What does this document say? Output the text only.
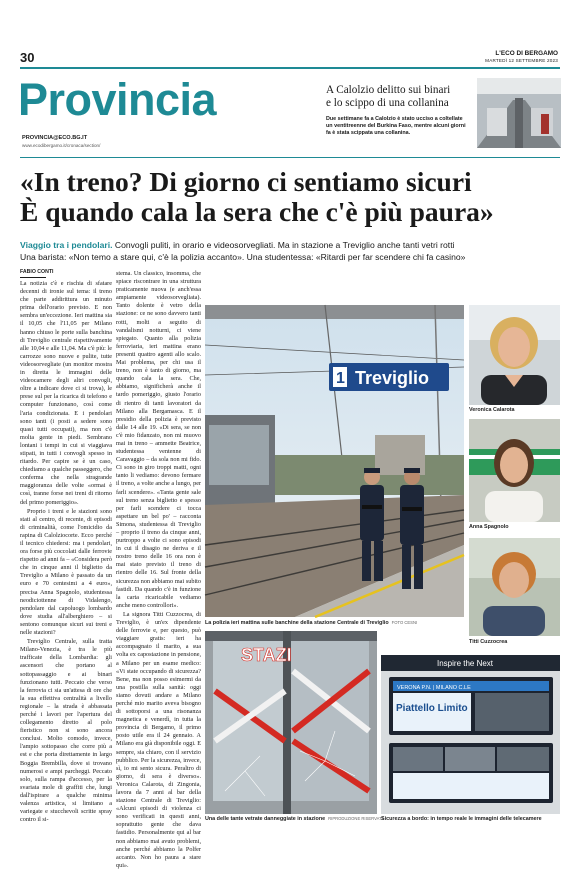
30	L'ECO DI BERGAMO
MARTEDÌ 12 SETTEMBRE 2023
Provincia
PROVINCIA@ECO.BG.IT
www.ecodibergamo.it/cronaca/section/
A Calolzio delitto sui binari
e lo scippo di una collanina
Due settimane fa a Calolzio è stato ucciso a coltellate un ventitreenne del Burkina Faso, mentre alcuni giorni fa è stata scippata una collanina.
«In treno? Di giorno ci sentiamo sicuri
È quando cala la sera che c'è più paura»
Viaggio tra i pendolari. Convogli puliti, in orario e videosorvegliati. Ma in stazione a Treviglio anche tanti vetri rotti
Una barista: «Non temo a stare qui, c'è la polizia accanto». Una studentessa: «Ritardi per far scendere chi fa casino»
FABIO CONTI

La notizia c'è e rischia di sfatare decenni di ironie sul tema: il treno che parte addirittura un minuto prima dell'orario previsto. E non sembra un'eccezione. Ieri mattina sia il 10,05 che l'11,05 per Milano hanno chiuso le porte sulla banchina di Treviglio centrale rispettivamente alle 10,04 e alle 11,04. Ma c'è più: le carrozze sono nuove e pulite, tutte videosorvegliate (un monitor mostra in diretta le immagini delle videocamere degli altri convogli, oltre a indicare dove ci si trova), le prese sul per la ricarica di telefono e computer funzionano, così come l'aria condizionata. E i pendolari sono tanti (i posti a sedere sono quasi tutti occupati), ma non c'è molta gente in piedi. Sembrano lontani i tempi in cui si viaggiava stipati, in tutti i convogli spesso in ritardo. Per capire se è un caso, chiediamo a qualche passeggero, che conferma che nella stragrande maggioranza delle volte «ormai è così, tranne forse nei treni di ritorno del primo pomeriggio».

Proprio i treni e le stazioni sono stati al centro, di recente, di episodi di criminalità, come l'omicidio da rapina di Calolziocorte. Ecco perché il tecnico chiedersi: ma i pendolari, ora forse più coccolati dalle ferrovie rispetto ad anni fa – «Considera però che in cinque anni il biglietto da Treviglio a Milano è passato da un euro e 70 centesimi a 4 euro», precisa Anna Spagnolo, studentessa neodiciottenne di Vidalengo, pendolare dal capoluogo lombardo dove studia all'alberghiero – si sentono comunque sicuri sui treni e nelle stazioni?

Treviglio Centrale, sulla tratta Milano-Venezia, è tra le più trafficate della Lombardia: gli ascensori che portano al sottopassaggio e ai binari funzionano tutti. Peccato che verso la ferrovia ci sia un'attesa di ore che la sua effettiva centralità a livello regionale – la strada è abbassata perché i lavori per l'apertura del collegamento diretto al polo fieristico non si sono ancora conclusi. Molto comodo, invece, l'ampio sottopasso che corre più a est e che porta direttamente in largo Boggia Brembilla, dove si trovano numerosi e ampi parcheggi. Peccato solo, sulla rampa d'accesso, per la svariata mole di graffiti che, lungi dall'ispirare a qualche minima valenza artistica, si limitano a variegate e stucchevoli scritte spray contro il si-

stema. Un classico, insomma, che spiace riscontrare in una struttura praticamente nuova (e anch'essa ampiamente videosorvegliata). Tanto dolente è vetro della stazione: ce ne sono davvero tanti rotti, molti a seguito di vandalismi notturni, ci viene spiegato. Quanto alla polizia ferroviaria, ieri mattina erano presenti quattro agenti allo scalo. Mai problema, per chi usa il treno, non è tanto di giorno, ma quando cala la sera. Che, abbiamo, significherà anche il tardo pomeriggio, giusto l'orario di rientro di tanti lavoratori da Milano alla Bergamasca. E il presidio della polizia è previsto dalle 14 alle 19. «Di sera, se non c'è mio fidanzato, non mi muovo mai in treno – ammette Beatrice, studentessa ventenne di Caravaggio – da sola non mi fido. Ci sono in giro troppi matti, ogni tanto li vediamo: devono fermare il treno, a volte anche a lungo, per farli scendere». «Tanta gente sale sul treno senza biglietto e spesso per farli scendere ci tocca aspettare un bel po' – racconta Simona, studentessa di Treviglio – proprio il treno da cinque anni, purtroppo a volte ci sono episodi in cui il disagio ne deriva e il nostro treno delle 16 ora non è mai stato previsto il treno di rientro delle 16. Sul fronte della sicurezza non abbiamo mai subito fastidi. Da quando c'è in funzione la carta ricaricabile vediamo anche meno controllori».

La signora Titti Cuzzocrea, di Treviglio, è un'ex dipendente delle ferrovie e, per questo, può viaggiare gratis: ieri ha accompagnato il marito, a sua volta ex capostazione in pensione, a Milano per un esame medico: «Vi state occupando di sicurezza? Bene, ma non posso esimermi da una postilla sulla sanità: oggi siamo dovuti andare a Milano perché mio marito aveva bisogno di sottoporsi a una risonanza magnetica e venerdì, in tutta la provincia di Bergamo, il primo posto utile era il 24 gennaio. A Milano era già disponibile oggi. E sempre, sia chiaro, con il servizio pubblico. Per la sicurezza, invece, sì, io mi sento sicura. Peraltro di giorno, di sera è diverso». Veronica Calarota, di Zingonia, lavora da 7 anni al bar della stazione Centrale di Treviglio: «Alcuni episodi di violenza ci sono verificati in questi anni, soprattutto gente che dava fastidio. Personalmente qui al bar non abbiamo mai avuto problemi, anche perché abbiamo la Polfer accanto. Non ho paura a stare qui».

1 Treviglio
La polizia ieri mattina sulle banchine della stazione Centrale di Treviglio FOTO CESNI
Veronica Calarota
Anna Spagnolo
Titti Cuzzocrea
STAZI
Una delle tante vetrate danneggiate in stazione RIPRODUZIONE RISERVATA
Inspire the Next
VERONA P.N. | MILANO C.LE
Piattello Limito
Sicurezza a bordo: in tempo reale le immagini delle telecamere
